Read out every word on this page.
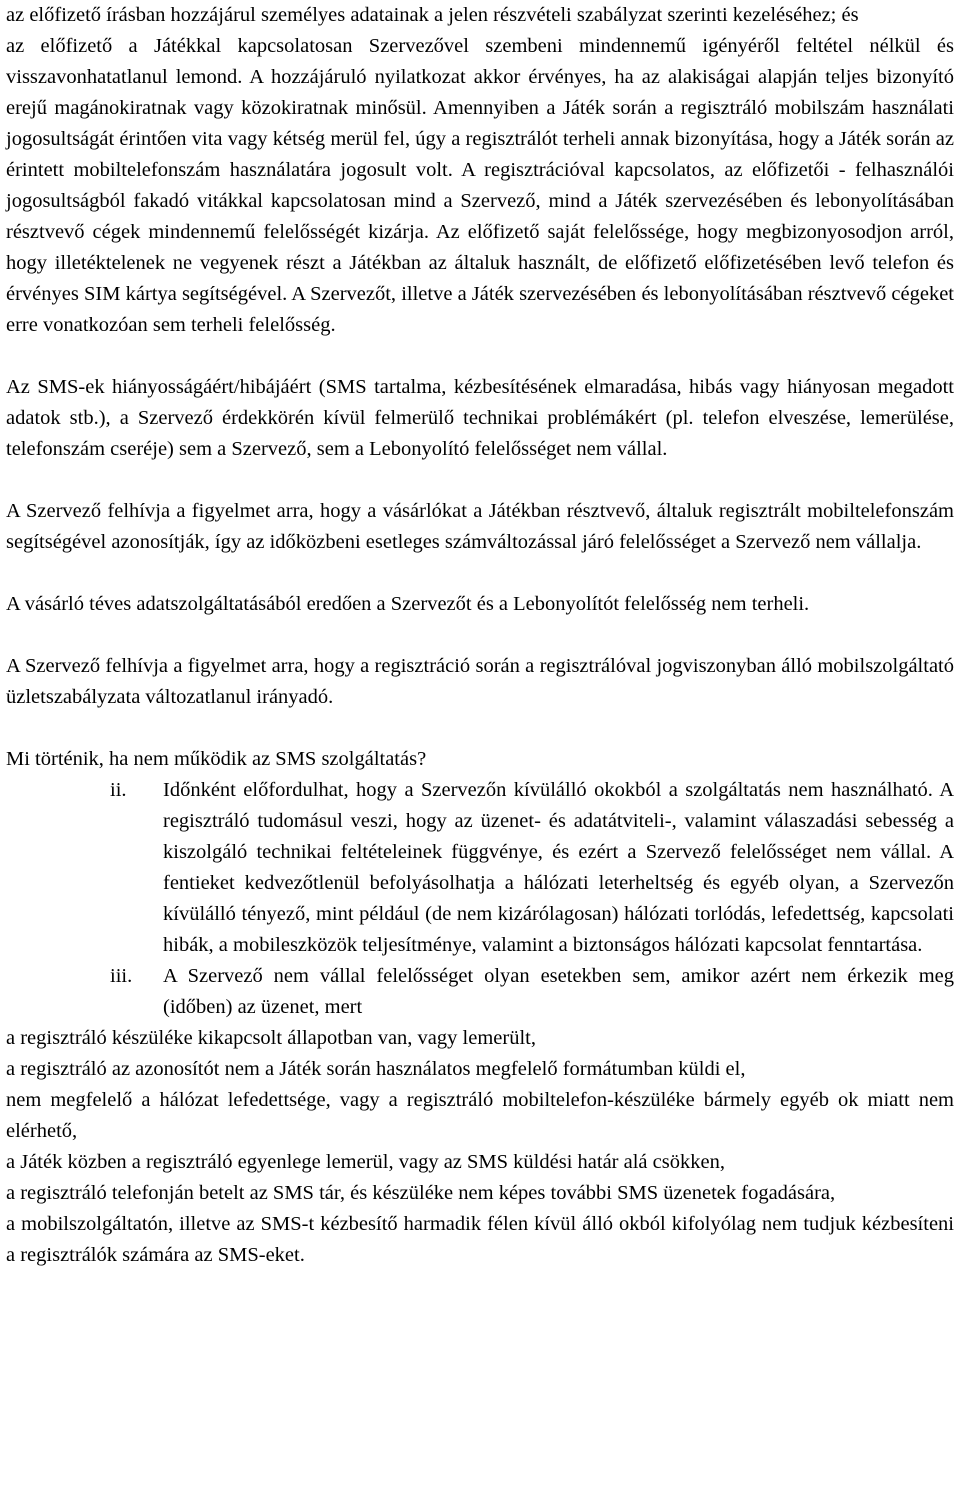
az előfizető írásban hozzájárul személyes adatainak a jelen részvételi szabályzat szerinti kezeléséhez; és

az előfizető a Játékkal kapcsolatosan Szervezővel szembeni mindennemű igényéről feltétel nélkül és visszavonhatatlanul lemond. A hozzájáruló nyilatkozat akkor érvényes, ha az alakiságai alapján teljes bizonyító erejű magánokiratnak vagy közokiratnak minősül. Amennyiben a Játék során a regisztráló mobilszám használati jogosultságát érintően vita vagy kétség merül fel, úgy a regisztrálót terheli annak bizonyítása, hogy a Játék során az érintett mobiltelefonszám használatára jogosult volt. A regisztrációval kapcsolatos, az előfizetői - felhasználói jogosultságból fakadó vitákkal kapcsolatosan mind a Szervező, mind a Játék szervezésében és lebonyolításában résztvevő cégek mindennemű felelősségét kizárja. Az előfizető saját felelőssége, hogy megbizonyosodjon arról, hogy illetéktelenek ne vegyenek részt a Játékban az általuk használt, de előfizető előfizetésében levő telefon és érvényes SIM kártya segítségével. A Szervezőt, illetve a Játék szervezésében és lebonyolításában résztvevő cégeket erre vonatkozóan sem terheli felelősség.

Az SMS-ek hiányosságáért/hibájáért (SMS tartalma, kézbesítésének elmaradása, hibás vagy hiányosan megadott adatok stb.), a Szervező érdekkörén kívül felmerülő technikai problémákért (pl. telefon elveszése, lemerülése, telefonszám cseréje) sem a Szervező, sem a Lebonyolító felelősséget nem vállal.

A Szervező felhívja a figyelmet arra, hogy a vásárlókat a Játékban résztvevő, általuk regisztrált mobiltelefonszám segítségével azonosítják, így az időközbeni esetleges számváltozással járó felelősséget a Szervező nem vállalja.

A vásárló téves adatszolgáltatásából eredően a Szervezőt és a Lebonyolítót felelősség nem terheli.

A Szervező felhívja a figyelmet arra, hogy a regisztráció során a regisztrálóval jogviszonyban álló mobilszolgáltató üzletszabályzata változatlanul irányadó.

Mi történik, ha nem működik az SMS szolgáltatás?

ii.	Időnként előfordulhat, hogy a Szervezőn kívülálló okokból a szolgáltatás nem használható. A regisztráló tudomásul veszi, hogy az üzenet- és adatátviteli-, valamint válaszadási sebesség a kiszolgáló technikai feltételeinek függvénye, és ezért a Szervező felelősséget nem vállal. A fentieket kedvezőtlenül befolyásolhatja a hálózati leterheltség és egyéb olyan, a Szervezőn kívülálló tényező, mint például (de nem kizárólagosan) hálózati torlódás, lefedettség, kapcsolati hibák, a mobileszközök teljesítménye, valamint a biztonságos hálózati kapcsolat fenntartása.
iii.	A Szervező nem vállal felelősséget olyan esetekben sem, amikor azért nem érkezik meg (időben) az üzenet, mert

a regisztráló készüléke kikapcsolt állapotban van, vagy lemerült,

a regisztráló az azonosítót nem a Játék során használatos megfelelő formátumban küldi el,

nem megfelelő a hálózat lefedettsége, vagy a regisztráló mobiltelefon-készüléke bármely egyéb ok miatt nem elérhető,

a Játék közben a regisztráló egyenlege lemerül, vagy az SMS küldési határ alá csökken,

a regisztráló telefonján betelt az SMS tár, és készüléke nem képes további SMS üzenetek fogadására,

a mobilszolgáltatón, illetve az SMS-t kézbesítő harmadik félen kívül álló okból kifolyólag nem tudjuk kézbesíteni a regisztrálók számára az SMS-eket.
